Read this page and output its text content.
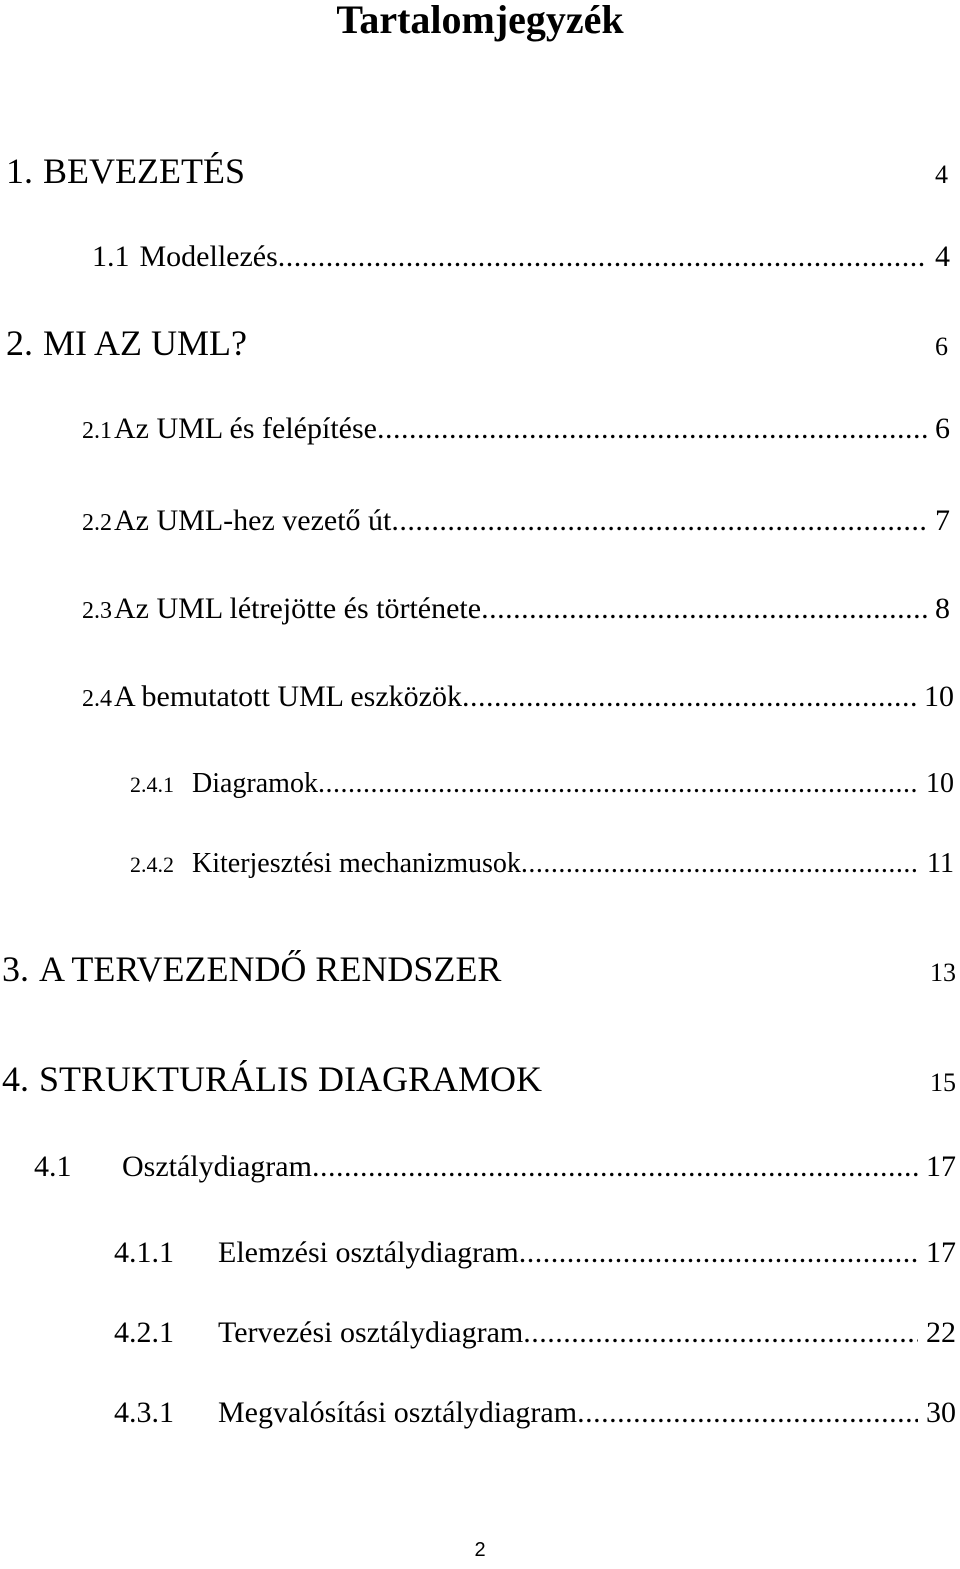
Tartalomjegyzék
1. BEVEZETÉS	4
1.1 Modellezés .....	4
2. MI AZ UML?	6
2.1 Az UML és felépítése .....	6
2.2 Az UML-hez vezető út .....	7
2.3 Az UML létrejötte és története .....	8
2.4 A bemutatott UML eszközök .....	10
2.4.1 Diagramok .....	10
2.4.2 Kiterjesztési mechanizmusok .....	11
3. A TERVEZENDŐ RENDSZER	13
4. STRUKTURÁLIS DIAGRAMOK	15
4.1	Osztálydiagram .....	17
4.1.1	Elemzési osztálydiagram .....	17
4.2.1	Tervezési osztálydiagram .....	22
4.3.1	Megvalósítási osztálydiagram .....	30
2
